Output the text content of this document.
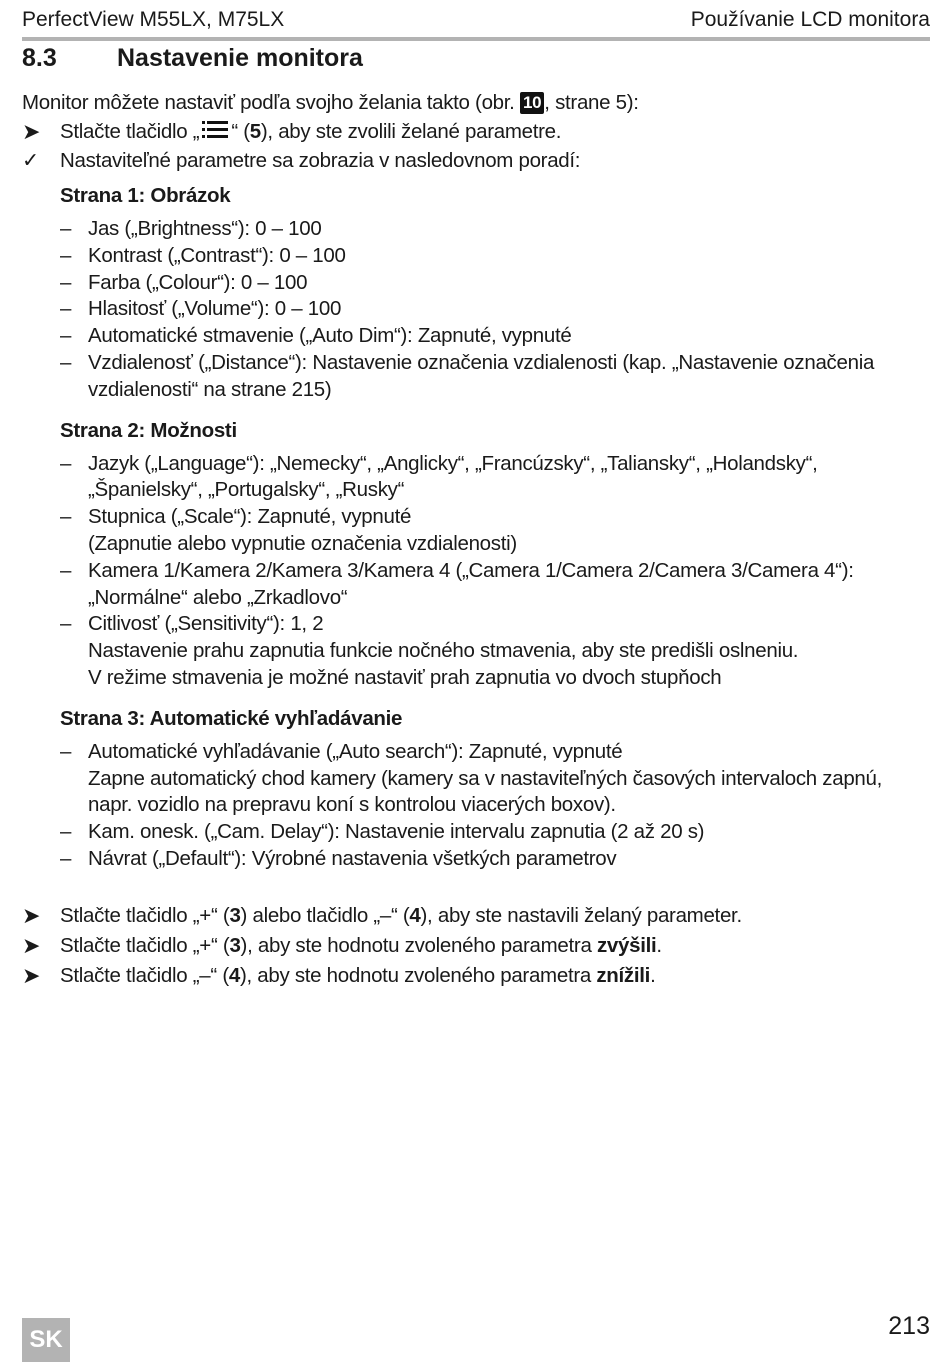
PerfectView M55LX, M75LX	Používanie LCD monitora
8.3 Nastavenie monitora

Monitor môžete nastaviť podľa svojho želania takto (obr. 10 , strane 5):

➤ Stlačte tlačidlo „ “ (5), aby ste zvolili želané parametre.

✓	Nastaviteľné parametre sa zobrazia v nasledovnom poradí:

Strana 1: Obrázok
– Jas („Brightness“): 0 – 100
– Kontrast („Contrast“): 0 – 100
– Farba („Colour“): 0 – 100
– Hlasitosť („Volume“): 0 – 100
– Automatické stmavenie („Auto Dim“): Zapnuté, vypnuté
– Vzdialenosť („Distance“): Nastavenie označenia vzdialenosti (kap. „Nastavenie označenia
vzdialenosti“ na strane 215)
Strana 2: Možnosti
– Jazyk („Language“): „Nemecky“, „Anglicky“, „Francúzsky“, „Taliansky“, „Holandsky“,
„Španielsky“, „Portugalsky“, „Rusky“
– Stupnica („Scale“): Zapnuté, vypnuté
(Zapnutie alebo vypnutie označenia vzdialenosti)
– Kamera 1/Kamera 2/Kamera 3/Kamera 4 („Camera 1/Camera 2/Camera 3/Camera 4“):
„Normálne“ alebo „Zrkadlovo“
– Citlivosť („Sensitivity“): 1, 2
Nastavenie prahu zapnutia funkcie nočného stmavenia, aby ste predišli oslneniu.
V režime stmavenia je možné nastaviť prah zapnutia vo dvoch stupňoch
Strana 3: Automatické vyhľadávanie
– Automatické vyhľadávanie („Auto search“): Zapnuté, vypnuté
Zapne automatický chod kamery (kamery sa v nastaviteľných časových intervaloch zapnú,
napr. vozidlo na prepravu koní s kontrolou viacerých boxov).
– Kam. onesk. („Cam. Delay“): Nastavenie intervalu zapnutia (2 až 20 s)
– Návrat („Default“): Výrobné nastavenia všetkých parametrov

➤ Stlačte tlačidlo „+“ (3) alebo tlačidlo „–“ (4), aby ste nastavili želaný parameter.

➤ Stlačte tlačidlo „+“ (3), aby ste hodnotu zvoleného parametra zvýšili.

➤ Stlačte tlačidlo „–“ (4), aby ste hodnotu zvoleného parametra znížili.

SK	213
